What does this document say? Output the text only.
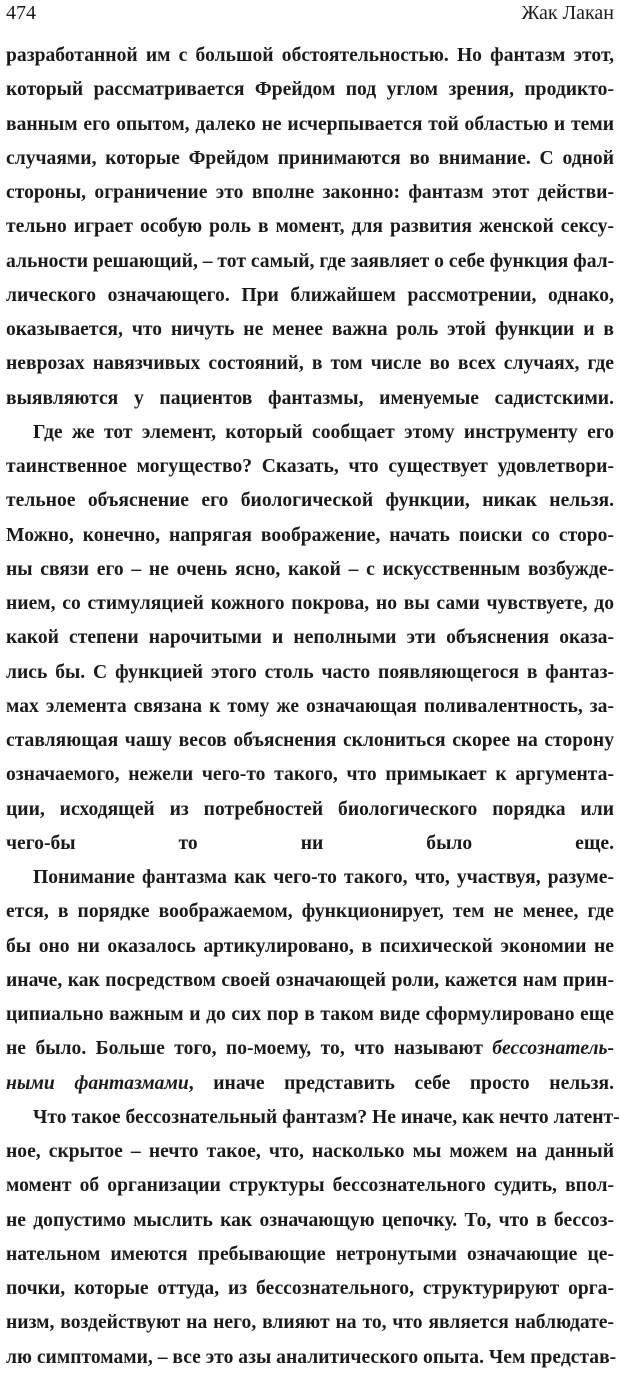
474	Жак Лакан
разработанной им с большой обстоятельностью. Но фантазм этот,
который рассматривается Фрейдом под углом зрения, продикто-
ванным его опытом, далеко не исчерпывается той областью и теми
случаями, которые Фрейдом принимаются во внимание. С одной
стороны, ограничение это вполне законно: фантазм этот действи-
тельно играет особую роль в момент, для развития женской сексу-
альности решающий, – тот самый, где заявляет о себе функция фал-
лического означающего. При ближайшем рассмотрении, однако,
оказывается, что ничуть не менее важна роль этой функции и в
неврозах навязчивых состояний, в том числе во всех случаях, где
выявляются у пациентов фантазмы, именуемые садистскими.
Где же тот элемент, который сообщает этому инструменту его
таинственное могущество? Сказать, что существует удовлетвори-
тельное объяснение его биологической функции, никак нельзя.
Можно, конечно, напрягая воображение, начать поиски со сторо-
ны связи его – не очень ясно, какой – с искусственным возбужде-
нием, со стимуляцией кожного покрова, но вы сами чувствуете, до
какой степени нарочитыми и неполными эти объяснения оказа-
лись бы. С функцией этого столь часто появляющегося в фантаз-
мах элемента связана к тому же означающая поливалентность, за-
ставляющая чашу весов объяснения склониться скорее на сторону
означаемого, нежели чего-то такого, что примыкает к аргумента-
ции, исходящей из потребностей биологического порядка или
чего-бы то ни было еще.
Понимание фантазма как чего-то такого, что, участвуя, разуме-
ется, в порядке воображаемом, функционирует, тем не менее, где
бы оно ни оказалось артикулировано, в психической экономии не
иначе, как посредством своей означающей роли, кажется нам прин-
ципиально важным и до сих пор в таком виде сформулировано еще
не было. Больше того, по-моему, то, что называют бессознатель-
ными фантазмами, иначе представить себе просто нельзя.
Что такое бессознательный фантазм? Не иначе, как нечто латент-
ное, скрытое – нечто такое, что, насколько мы можем на данный
момент об организации структуры бессознательного судить, впол-
не допустимо мыслить как означающую цепочку. То, что в бессоз-
нательном имеются пребывающие нетронутыми означающие це-
почки, которые оттуда, из бессознательного, структурируют орга-
низм, воздействуют на него, влияют на то, что является наблюдате-
лю симптомами, – все это азы аналитического опыта. Чем представ-
